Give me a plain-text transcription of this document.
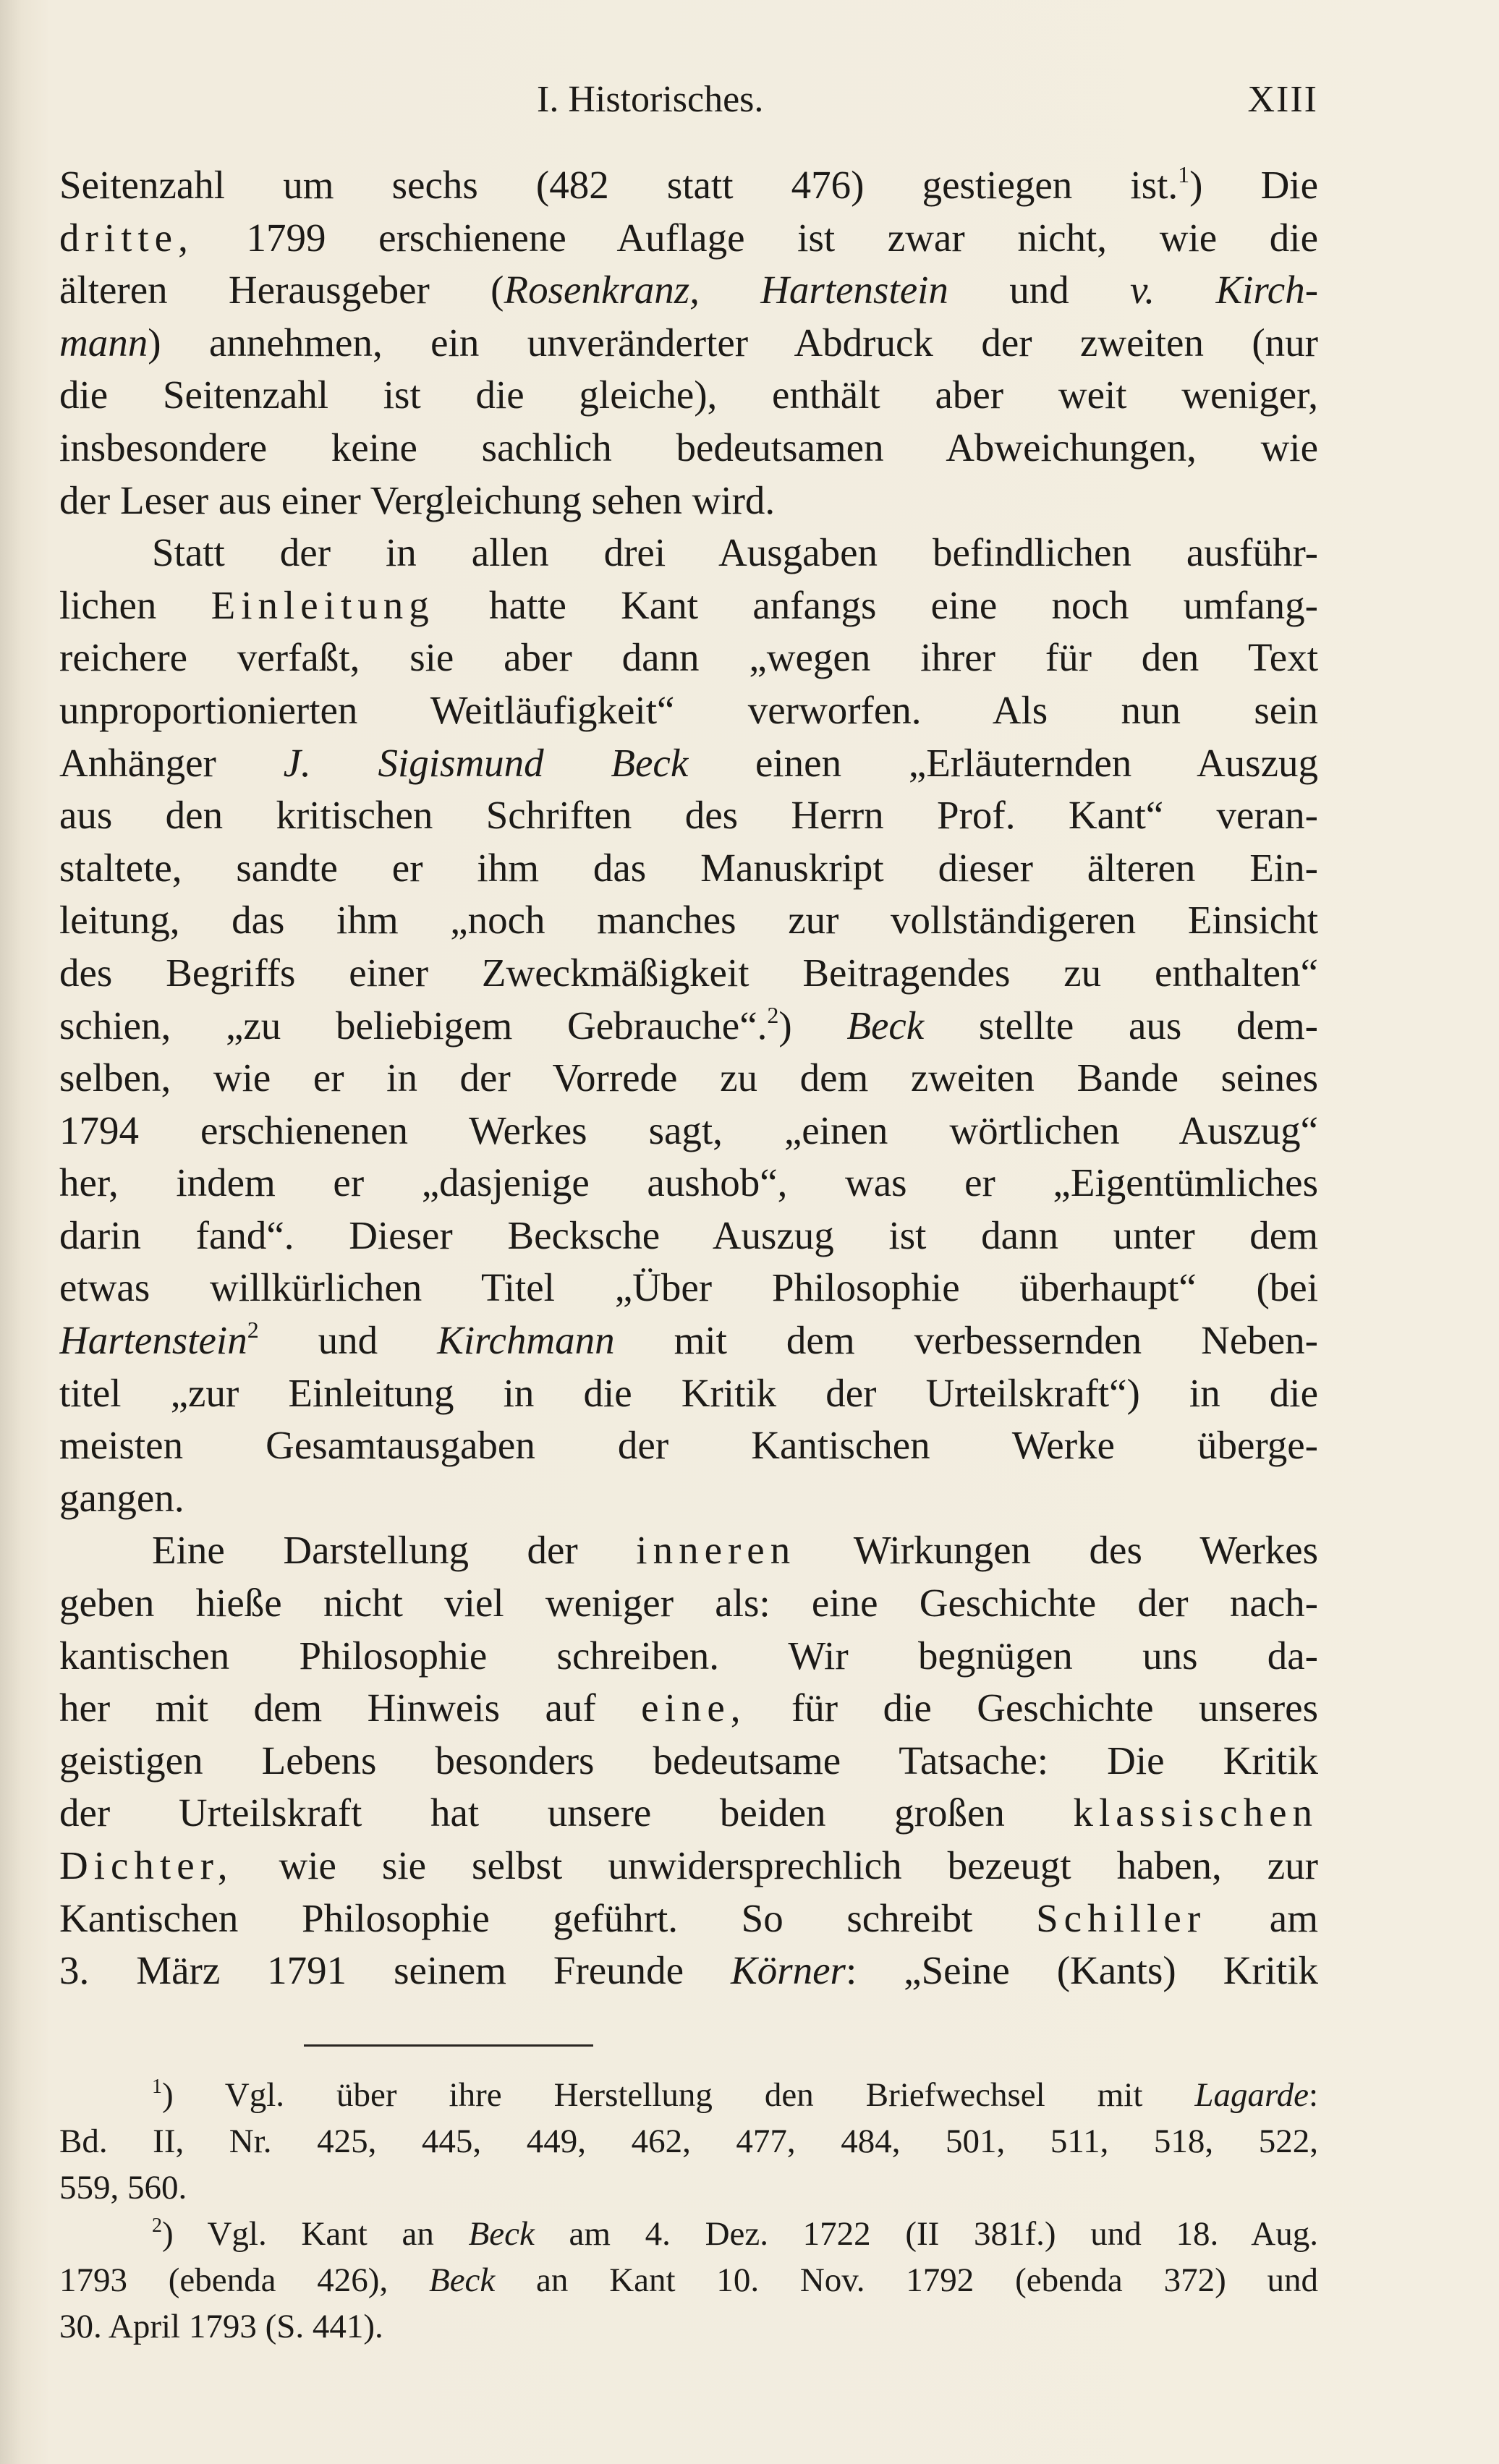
I. Historisches.	XIII
Seitenzahl um sechs (482 statt 476) gestiegen ist.$^1$) Die
dritte, 1799 erschienene Auflage ist zwar nicht, wie die
älteren Herausgeber (Rosenkranz, Hartenstein und v. Kirch-
mann) annehmen, ein unveränderter Abdruck der zweiten (nur
die Seitenzahl ist die gleiche), enthält aber weit weniger,
insbesondere keine sachlich bedeutsamen Abweichungen, wie
der Leser aus einer Vergleichung sehen wird.
Statt der in allen drei Ausgaben befindlichen ausführ-
lichen Einleitung hatte Kant anfangs eine noch umfang-
reichere verfaßt, sie aber dann „wegen ihrer für den Text
unproportionierten Weitläufigkeit“ verworfen. Als nun sein
Anhänger J. Sigismund Beck einen „Erläuternden Auszug
aus den kritischen Schriften des Herrn Prof. Kant“ veran-
staltete, sandte er ihm das Manuskript dieser älteren Ein-
leitung, das ihm „noch manches zur vollständigeren Einsicht
des Begriffs einer Zweckmäßigkeit Beitragendes zu enthalten“
schien, „zu beliebigem Gebrauche“.$^2$) Beck stellte aus dem-
selben, wie er in der Vorrede zu dem zweiten Bande seines
1794 erschienenen Werkes sagt, „einen wörtlichen Auszug“
her, indem er „dasjenige aushob“, was er „Eigentümliches
darin fand“. Dieser Becksche Auszug ist dann unter dem
etwas willkürlichen Titel „Über Philosophie überhaupt“ (bei
Hartenstein$^2$ und Kirchmann mit dem verbessernden Neben-
titel „zur Einleitung in die Kritik der Urteilskraft“) in die
meisten Gesamtausgaben der Kantischen Werke überge-
gangen.
Eine Darstellung der inneren Wirkungen des Werkes
geben hieße nicht viel weniger als: eine Geschichte der nach-
kantischen Philosophie schreiben. Wir begnügen uns da-
her mit dem Hinweis auf eine, für die Geschichte unseres
geistigen Lebens besonders bedeutsame Tatsache: Die Kritik
der Urteilskraft hat unsere beiden großen klassischen
Dichter, wie sie selbst unwidersprechlich bezeugt haben, zur
Kantischen Philosophie geführt. So schreibt Schiller am
3. März 1791 seinem Freunde Körner: „Seine (Kants) Kritik
$^1$) Vgl. über ihre Herstellung den Briefwechsel mit Lagarde:
Bd. II, Nr. 425, 445, 449, 462, 477, 484, 501, 511, 518, 522,
559, 560.
$^2$) Vgl. Kant an Beck am 4. Dez. 1722 (II 381f.) und 18. Aug.
1793 (ebenda 426), Beck an Kant 10. Nov. 1792 (ebenda 372) und
30. April 1793 (S. 441).
